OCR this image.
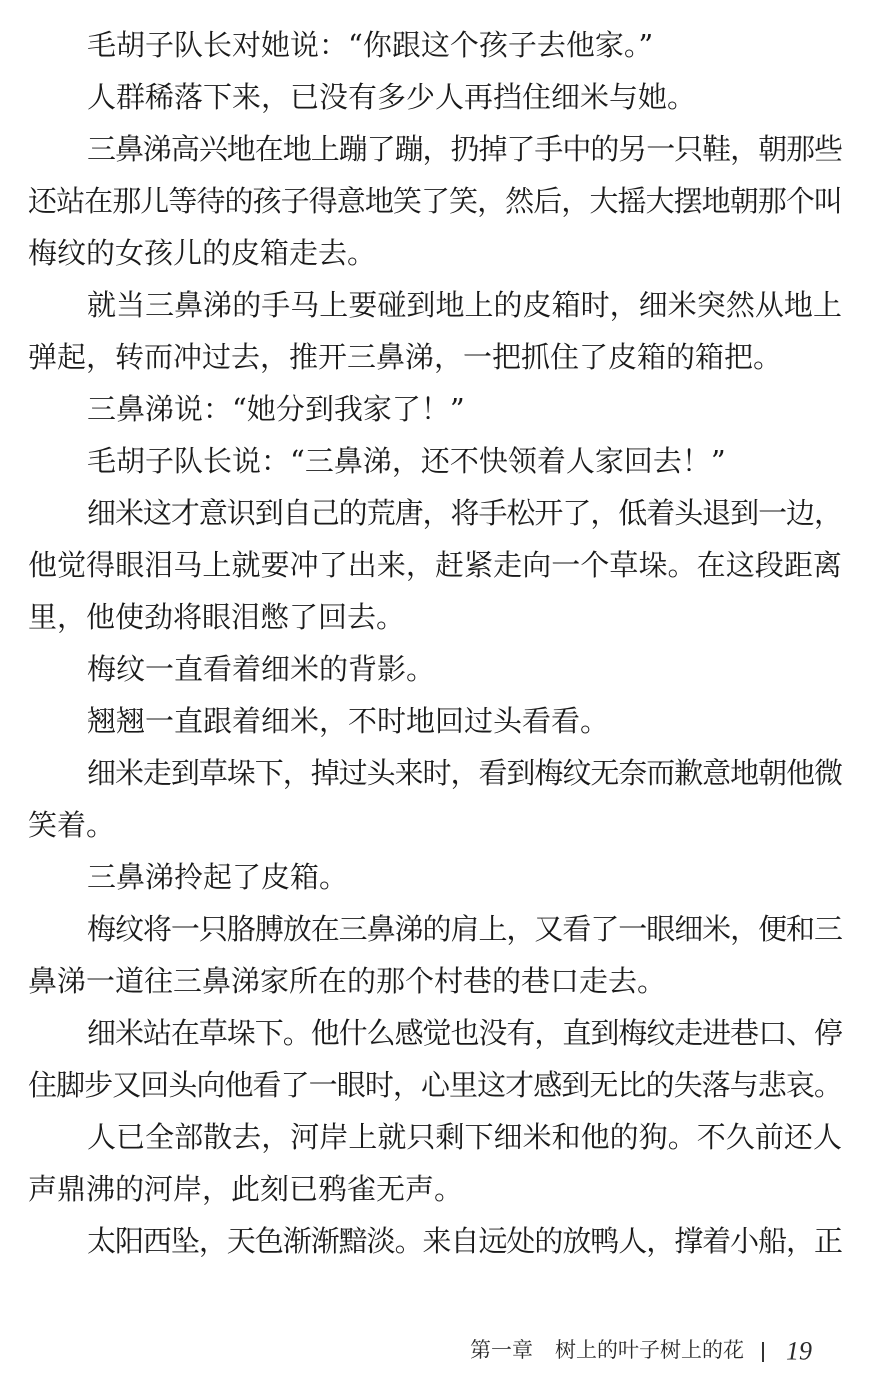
毛胡子队长对她说：“你跟这个孩子去他家。”
人群稀落下来，已没有多少人再挡住细米与她。
三鼻涕高兴地在地上蹦了蹦，扔掉了手中的另一只鞋，朝那些
还站在那儿等待的孩子得意地笑了笑，然后，大摇大摆地朝那个叫
梅纹的女孩儿的皮箱走去。
就当三鼻涕的手马上要碰到地上的皮箱时，细米突然从地上
弹起，转而冲过去，推开三鼻涕，一把抓住了皮箱的箱把。
三鼻涕说：“她分到我家了！”
毛胡子队长说：“三鼻涕，还不快领着人家回去！”
细米这才意识到自己的荒唐，将手松开了，低着头退到一边，
他觉得眼泪马上就要冲了出来，赶紧走向一个草垛。在这段距离
里，他使劲将眼泪憋了回去。
梅纹一直看着细米的背影。
翘翘一直跟着细米，不时地回过头看看。
细米走到草垛下，掉过头来时，看到梅纹无奈而歉意地朝他微
笑着。
三鼻涕拎起了皮箱。
梅纹将一只胳膊放在三鼻涕的肩上，又看了一眼细米，便和三
鼻涕一道往三鼻涕家所在的那个村巷的巷口走去。
细米站在草垛下。他什么感觉也没有，直到梅纹走进巷口、停
住脚步又回头向他看了一眼时，心里这才感到无比的失落与悲哀。
人已全部散去，河岸上就只剩下细米和他的狗。不久前还人
声鼎沸的河岸，此刻已鸦雀无声。
太阳西坠，天色渐渐黯淡。来自远处的放鸭人，撑着小船，正
第一章 树上的叶子树上的花 19
